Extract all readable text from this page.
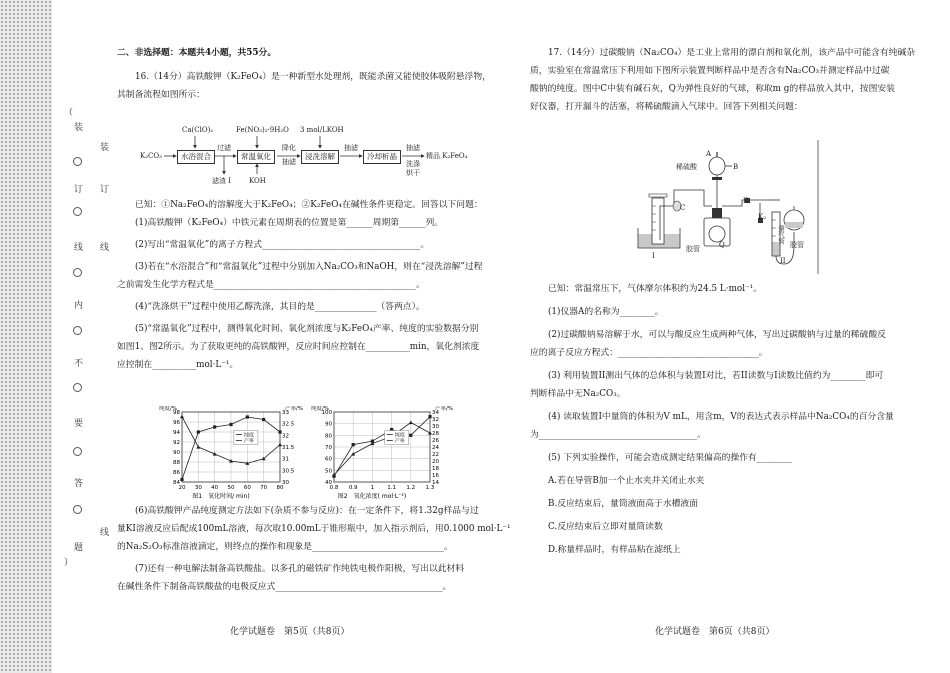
（
装
装
订 订
线 线
内
不
要
答
线
题
）

二、非选择题：本题共4小题，共55分。

16.（14分）高铁酸钾（K₂FeO₄）是一种新型水处理剂，既能杀菌又能使胶体吸附悬浮物，

其制备流程如图所示：

K₂CO₃
Ca(ClO)₂
水浴混合
过滤
滤渣 I
Fe(NO₃)₃·9H₂O
常温氧化
KOH
降化
抽滤
3 mol/LKOH
浸洗溶解
抽滤
冷却析晶
抽滤
洗涤
烘干
精品 K₂FeO₄

已知：①Na₂FeO₄的溶解度大于K₂FeO₄；②K₂FeO₄在碱性条件更稳定。回答以下问题：

(1)高铁酸钾（K₂FeO₄）中铁元素在周期表的位置是第______周期第______列。

(2)写出“常温氧化”的离子方程式____________________________________。

(3)若在“水浴混合”和“常温氧化”过程中分别加入Na₂CO₃和NaOH，则在“浸洗溶解”过程

之前需发生化学方程式是______________________________________________。

(4)“洗涤烘干”过程中使用乙醇洗涤，其目的是______________（答两点）。

(5)“常温氧化”过程中，测得氧化时间、氧化剂浓度与K₂FeO₄产率、纯度的实验数据分别

如图1、图2所示。为了获取更纯的高铁酸钾，反应时间应控制在__________min，氧化剂浓度

应控制在__________mol·L⁻¹。

20 30 40 50 60 70 80
84
86
88
90
92
94
96
98
30
30.5
31
31.5
32
32.5
33
纯度/%	产率/%
图1　氧化时间/ min)
纯度
产率
0.8 0.9 1 1.1 1.2 1.3
40
50
60
70
80
90
100
14
16
18
20
22
24
26
28
30
32
34
纯度/%	产率/%
图2　氧化浓度( mol·L⁻¹)
纯度
产率

(6)高铁酸钾产品纯度测定方法如下(杂质不参与反应)：在一定条件下，将1.32g样品与过

量KI溶液反应后配成100mL溶液，每次取10.00mL于锥形瓶中，加入指示剂后，用0.1000 mol·L⁻¹

的Na₂S₂O₃标准溶液滴定，则终点的操作和现象是______________________________。

(7)还有一种电解法制备高铁酸盐。以多孔的磁铁矿作纯铁电极作阳极，写出以此材料

在碱性条件下制备高铁酸盐的电极反应式______________________________________。

化学试题卷　第5页（共8页）

17.（14分）过碳酸钠（Na₂CO₄）是工业上常用的漂白剂和氧化剂，该产品中可能含有纯碱杂

质，实验室在常温常压下利用如下图所示装置判断样品中是否含有Na₂CO₃并测定样品中过碳

酸钠的纯度。图中C中装有碱石灰，Q为弹性良好的气球，称取m g的样品放入其中，按图安装

好仪器，打开漏斗的活塞，将稀硫酸滴入气球中。回答下列相关问题：

A
B
稀硫酸
C
K₁
K₂
Q
胶管	胶管
量气管
I
II

已知：常温常压下，气体摩尔体积约为24.5 L·mol⁻¹。

(1)仪器A的名称为________。

(2)过碳酸钠易溶解于水，可以与酸反应生成两种气体，写出过碳酸钠与过量的稀硫酸反

应的离子反应方程式：________________________________。

(3) 利用装置II测出气体的总体积与装置I对比，若II读数与I读数比值约为________即可

判断样品中无Na₂CO₃。

(4) 读取装置I中量筒的体积为V mL，用含m，V的表达式表示样品中Na₂CO₄的百分含量

为____________________________________。

(5) 下列实验操作，可能会造成测定结果偏高的操作有________

A.若在导管B加一个止水夹并关闭止水夹

B.反应结束后，量筒液面高于水槽液面

C.反应结束后立即对量筒读数

D.称量样品时，有样品粘在滤纸上

化学试题卷　第6页（共8页）
